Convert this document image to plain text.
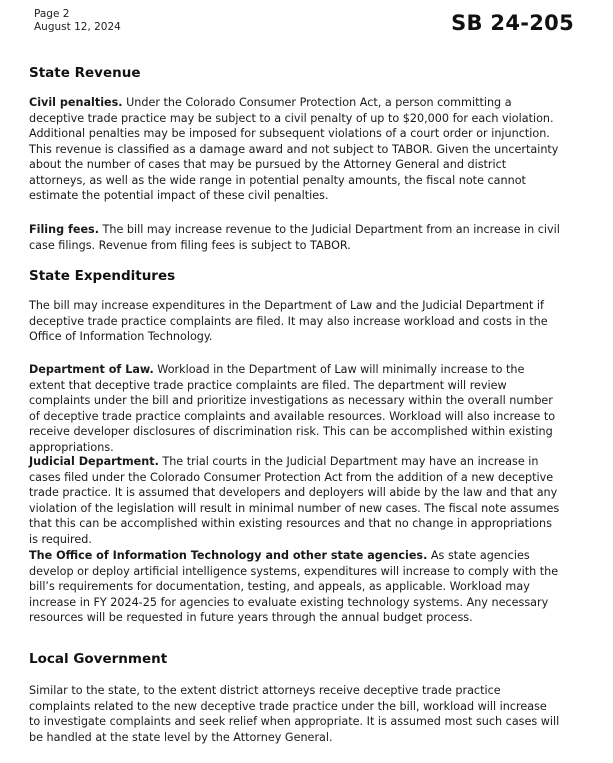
Page 2
August 12, 2024	SB 24-205
State Revenue

Civil penalties. Under the Colorado Consumer Protection Act, a person committing a deceptive trade practice may be subject to a civil penalty of up to $20,000 for each violation. Additional penalties may be imposed for subsequent violations of a court order or injunction. This revenue is classified as a damage award and not subject to TABOR. Given the uncertainty about the number of cases that may be pursued by the Attorney General and district attorneys, as well as the wide range in potential penalty amounts, the fiscal note cannot estimate the potential impact of these civil penalties.

Filing fees. The bill may increase revenue to the Judicial Department from an increase in civil case filings. Revenue from filing fees is subject to TABOR.

State Expenditures

The bill may increase expenditures in the Department of Law and the Judicial Department if deceptive trade practice complaints are filed. It may also increase workload and costs in the Office of Information Technology.

Department of Law. Workload in the Department of Law will minimally increase to the extent that deceptive trade practice complaints are filed. The department will review complaints under the bill and prioritize investigations as necessary within the overall number of deceptive trade practice complaints and available resources. Workload will also increase to receive developer disclosures of discrimination risk. This can be accomplished within existing appropriations.

Judicial Department. The trial courts in the Judicial Department may have an increase in cases filed under the Colorado Consumer Protection Act from the addition of a new deceptive trade practice. It is assumed that developers and deployers will abide by the law and that any violation of the legislation will result in minimal number of new cases. The fiscal note assumes that this can be accomplished within existing resources and that no change in appropriations is required.

The Office of Information Technology and other state agencies. As state agencies develop or deploy artificial intelligence systems, expenditures will increase to comply with the bill’s requirements for documentation, testing, and appeals, as applicable. Workload may increase in FY 2024-25 for agencies to evaluate existing technology systems. Any necessary resources will be requested in future years through the annual budget process.

Local Government

Similar to the state, to the extent district attorneys receive deceptive trade practice complaints related to the new deceptive trade practice under the bill, workload will increase to investigate complaints and seek relief when appropriate. It is assumed most such cases will be handled at the state level by the Attorney General.
